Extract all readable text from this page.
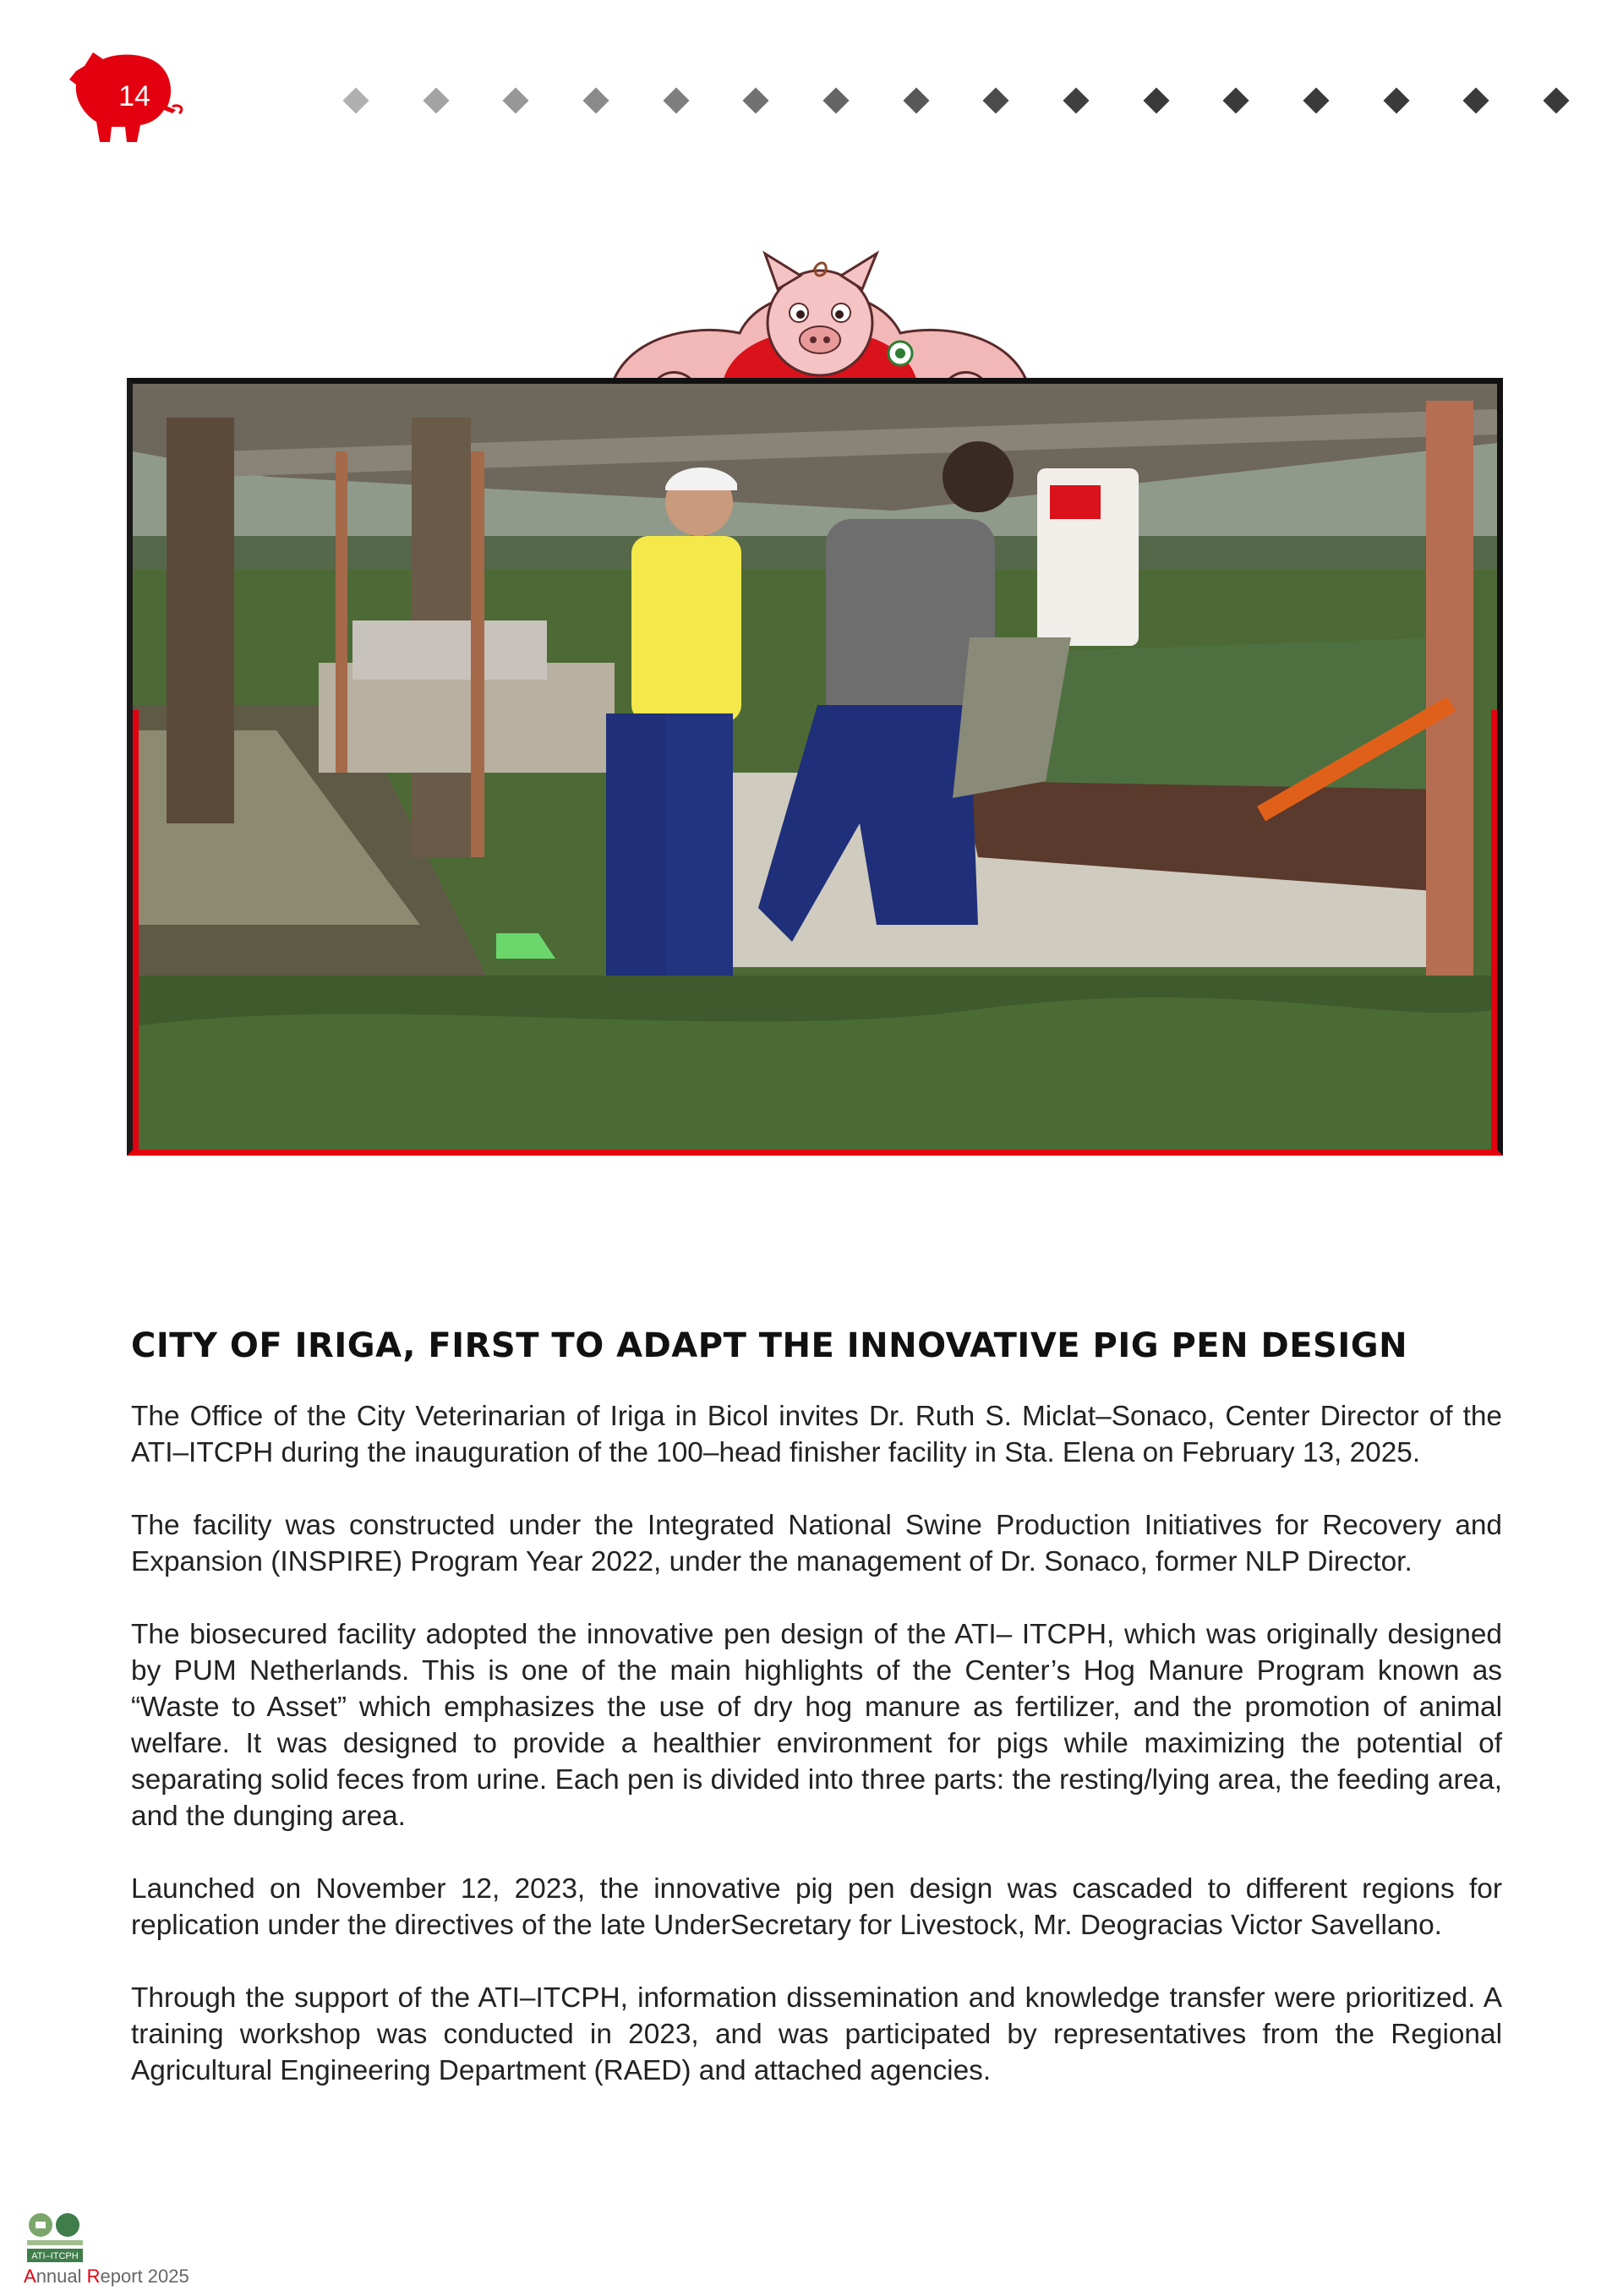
14
CITY OF IRIGA, FIRST TO ADAPT THE INNOVATIVE PIG PEN DESIGN

The Office of the City Veterinarian of Iriga in Bicol invites Dr. Ruth S. Miclat–Sonaco, Center Director of the ATI–ITCPH during the inauguration of the 100–head finisher facility in Sta. Elena on February 13, 2025.

The facility was constructed under the Integrated National Swine Production Initiatives for Recovery and Expansion (INSPIRE) Program Year 2022, under the management of Dr. Sonaco, former NLP Director.

The biosecured facility adopted the innovative pen design of the ATI– ITCPH, which was originally designed by PUM Netherlands. This is one of the main highlights of the Center’s Hog Manure Program known as “Waste to Asset” which emphasizes the use of dry hog manure as fertilizer, and the promotion of animal welfare. It was designed to provide a healthier environment for pigs while maximizing the potential of separating solid feces from urine. Each pen is divided into three parts: the resting/lying area, the feeding area, and the dunging area.

Launched on November 12, 2023, the innovative pig pen design was cascaded to different regions for replication under the directives of the late UnderSecretary for Livestock, Mr. Deogracias Victor Savellano.

Through the support of the ATI–ITCPH, information dissemination and knowledge transfer were prioritized. A training workshop was conducted in 2023, and was participated by representatives from the Regional Agricultural Engineering Department (RAED) and attached agencies.

ATI–ITCPH
Annual Report 2025
